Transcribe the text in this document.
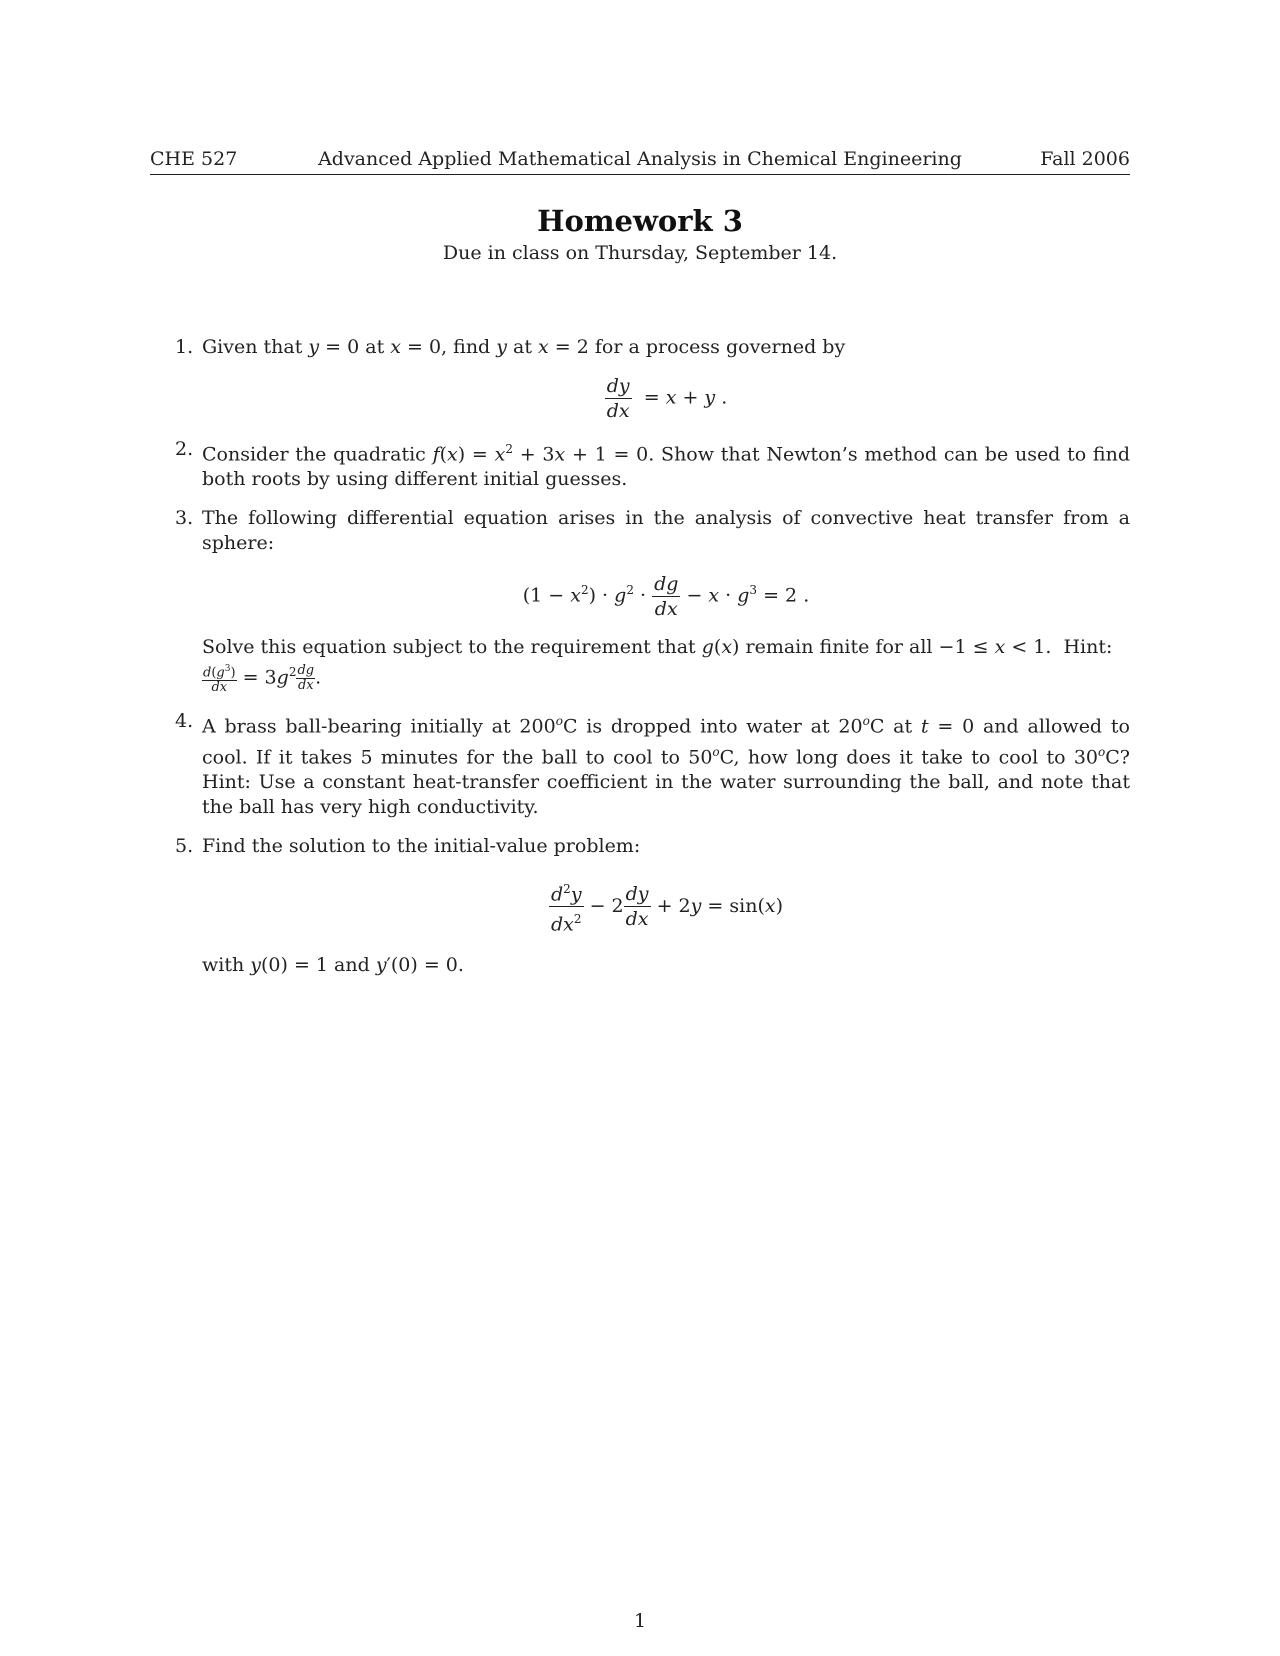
CHE 527	Advanced Applied Mathematical Analysis in Chemical Engineering	Fall 2006
Homework 3
Due in class on Thursday, September 14.
1. Given that y = 0 at x = 0, find y at x = 2 for a process governed by

$\frac{dy}{dx} = x + y$ .
2. Consider the quadratic $f(x) = x^2 + 3x + 1 = 0$. Show that Newton’s method can be used to find both roots by using different initial guesses.

3. The following differential equation arises in the analysis of convective heat transfer from a sphere:

$(1 - x^2) \cdot g^2 \cdot \frac{dg}{dx} - x \cdot g^3 = 2$ .

Solve this equation subject to the requirement that g(x) remain finite for all −1 ≤ x < 1.  Hint:

$\frac{d(g^3)}{dx} = 3g^2 \frac{dg}{dx}$ .

4. A brass ball-bearing initially at 200$^o$C is dropped into water at 20$^o$C at t = 0 and allowed to cool. If it takes 5 minutes for the ball to cool to 50$^o$C, how long does it take to cool to 30$^o$C? Hint: Use a constant heat-transfer coefficient in the water surrounding the ball, and note that the ball has very high conductivity.

5. Find the solution to the initial-value problem:

$\frac{d^2y}{dx^2} - 2 \frac{dy}{dx} + 2y = \sin(x)$

with y(0) = 1 and y′(0) = 0.

1
